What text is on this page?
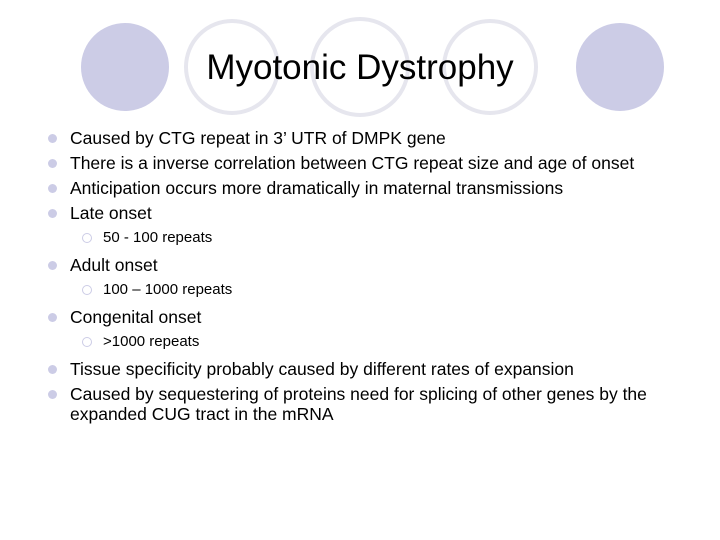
Myotonic Dystrophy
Caused by CTG repeat in 3’ UTR of DMPK gene
There is a inverse correlation between CTG repeat size and age of onset
Anticipation occurs more dramatically in maternal transmissions
Late onset
50 - 100 repeats
Adult onset
100 – 1000 repeats
Congenital onset
>1000 repeats
Tissue specificity probably caused by different rates of expansion
Caused by sequestering of proteins need for splicing of other genes by the expanded CUG tract in the mRNA
